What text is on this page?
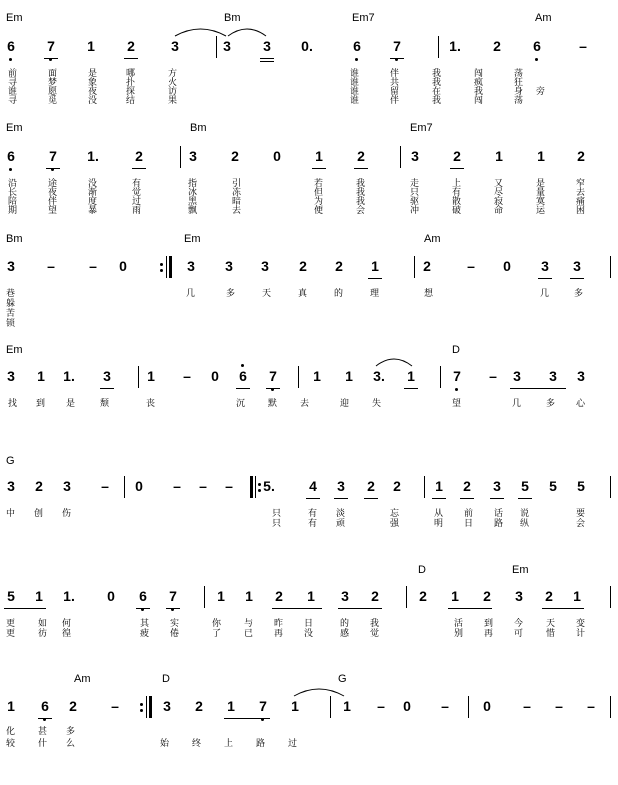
Em	Bm	Em7	Am
6 7 1 2	3	3 3 0.	6 7	1. 2 6	–
前	面	是	哪	方	谁	伴	我	闯	荡
寻	梦	象	扑	火	谁	共	我	疯	狂
谁	愿	夜	探	访	谁	留	在	我	身 旁
寻	觅	没	结	果	谁	伴	我	闯	荡
Em	Bm	Em7
6 7 1.	2	3 2 0 1 2	3 2 1 1 2
沿	途	没	有	指	引	若	我	走	上	又	是	窄
长	夜	渐	觉	冰	冻	但	我	只	有	尽	量	去
陪	伴	度	过	黑	暗	为	我	驱	散	寂	寞	痛
期	望	暴	雨	飘	去	便	会	冲	破	命	运	困
Bm	Em	Am
3 – – 0	3 3 3 2 2 1	2	– 0 3 3
巷
躲
苦
锁
几	多	天	真	的	理	想	几	多
Em	D
3 1 1. 3	1 – 0 6 7	1 1 3. 1	7 – 3 3 3
找 到 是	颓	丧	沉	默	去	迎	失	望	几	多 心
G
3 2 3 – 0 – – – 5. 4 3 2 2 1 2 3 5 5 5
中 创 伤	只	有 淡	忘	从 前 话 说	要
只	有 顽	强	明 日 路 纵	会
D	Em
5 1 1. 0 6 7	1 1 2 1 3 2	2 1 2 3 2 1
更	如 何	其 实	你	与 昨 日	的 我	活 到 今	天 变
更	彷 徨	疲 倦	了	已 再 没	感 觉	别 再 可	惜 计
Am	D	G
1 6 2 –	3 2 1 7 1	1 – 0 – 0 – – –
化	甚 多
较	什 么	始	终	上	路	过
